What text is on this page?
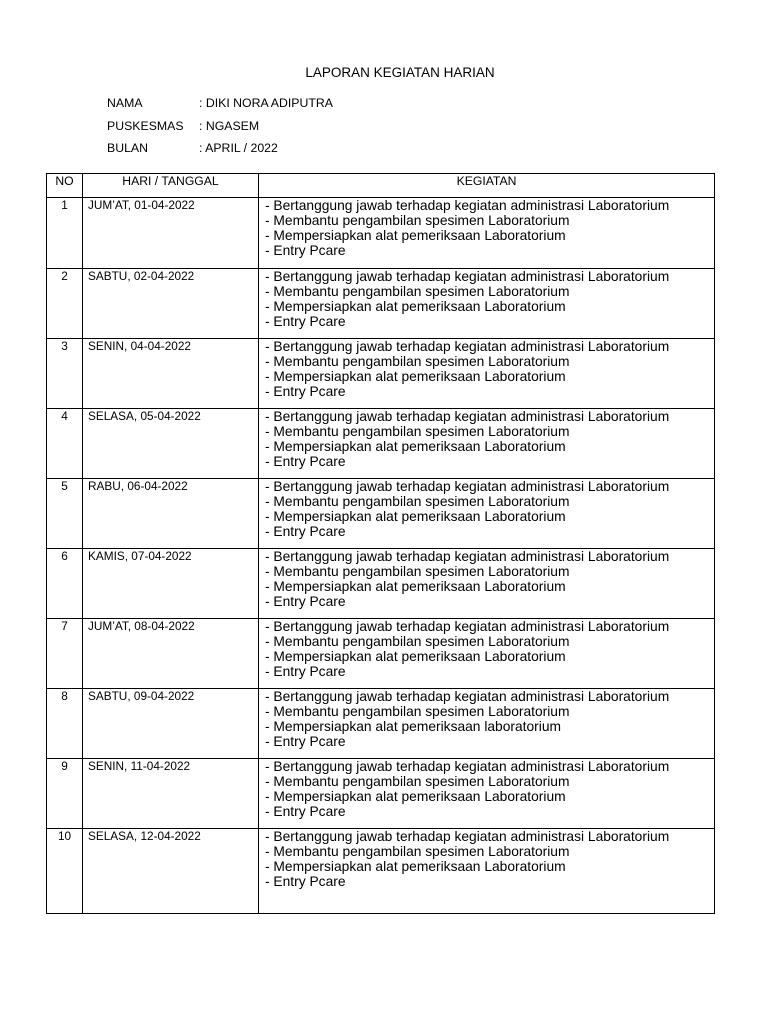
LAPORAN KEGIATAN HARIAN
NAMA	: DIKI NORA ADIPUTRA
PUSKESMAS : NGASEM
BULAN	: APRIL / 2022
NO	HARI / TANGGAL	KEGIATAN
1	JUM’AT, 01-04-2022	- Bertanggung jawab terhadap kegiatan administrasi Laboratorium
- Membantu pengambilan spesimen Laboratorium
- Mempersiapkan alat pemeriksaan Laboratorium
- Entry Pcare
2	SABTU, 02-04-2022	- Bertanggung jawab terhadap kegiatan administrasi Laboratorium
- Membantu pengambilan spesimen Laboratorium
- Mempersiapkan alat pemeriksaan Laboratorium
- Entry Pcare
3	SENIN, 04-04-2022	- Bertanggung jawab terhadap kegiatan administrasi Laboratorium
- Membantu pengambilan spesimen Laboratorium
- Mempersiapkan alat pemeriksaan Laboratorium
- Entry Pcare
4	SELASA, 05-04-2022	- Bertanggung jawab terhadap kegiatan administrasi Laboratorium
- Membantu pengambilan spesimen Laboratorium
- Mempersiapkan alat pemeriksaan Laboratorium
- Entry Pcare
5	RABU, 06-04-2022	- Bertanggung jawab terhadap kegiatan administrasi Laboratorium
- Membantu pengambilan spesimen Laboratorium
- Mempersiapkan alat pemeriksaan Laboratorium
- Entry Pcare
6	KAMIS, 07-04-2022	- Bertanggung jawab terhadap kegiatan administrasi Laboratorium
- Membantu pengambilan spesimen Laboratorium
- Mempersiapkan alat pemeriksaan Laboratorium
- Entry Pcare
7	JUM’AT, 08-04-2022	- Bertanggung jawab terhadap kegiatan administrasi Laboratorium
- Membantu pengambilan spesimen Laboratorium
- Mempersiapkan alat pemeriksaan Laboratorium
- Entry Pcare
8	SABTU, 09-04-2022	- Bertanggung jawab terhadap kegiatan administrasi Laboratorium
- Membantu pengambilan spesimen Laboratorium
- Mempersiapkan alat pemeriksaan laboratorium
- Entry Pcare
9	SENIN, 11-04-2022	- Bertanggung jawab terhadap kegiatan administrasi Laboratorium
- Membantu pengambilan spesimen Laboratorium
- Mempersiapkan alat pemeriksaan Laboratorium
- Entry Pcare
10	SELASA, 12-04-2022	- Bertanggung jawab terhadap kegiatan administrasi Laboratorium
- Membantu pengambilan spesimen Laboratorium
- Mempersiapkan alat pemeriksaan Laboratorium
- Entry Pcare
